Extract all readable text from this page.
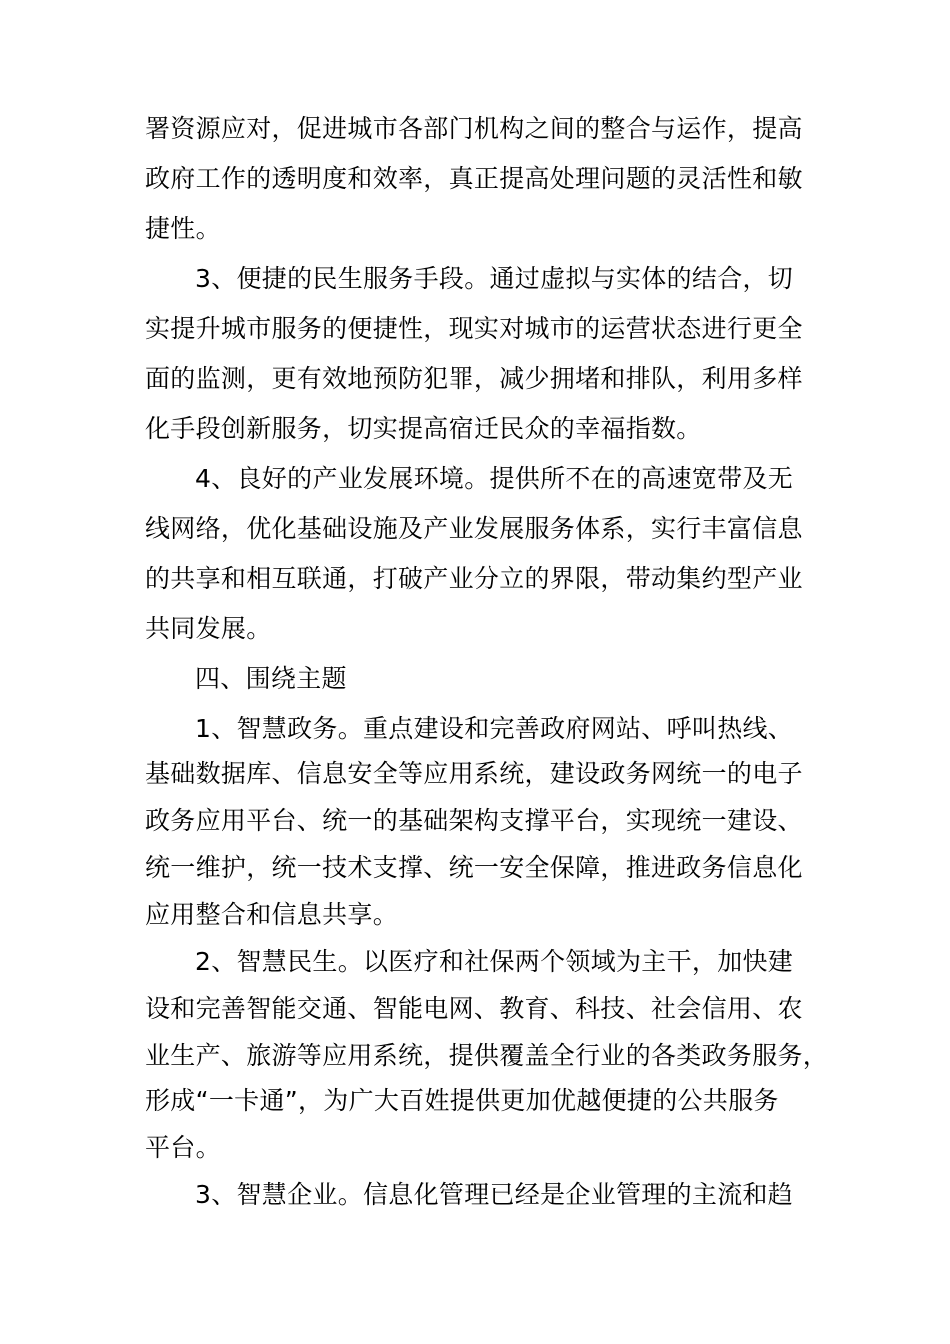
署资源应对，促进城市各部门机构之间的整合与运作，提高
政府工作的透明度和效率，真正提高处理问题的灵活性和敏
捷性。
3、便捷的民生服务手段。通过虚拟与实体的结合，切
实提升城市服务的便捷性，现实对城市的运营状态进行更全
面的监测，更有效地预防犯罪，减少拥堵和排队，利用多样
化手段创新服务，切实提高宿迁民众的幸福指数。
4、良好的产业发展环境。提供所不在的高速宽带及无
线网络，优化基础设施及产业发展服务体系，实行丰富信息
的共享和相互联通，打破产业分立的界限，带动集约型产业
共同发展。
四、围绕主题
1、智慧政务。重点建设和完善政府网站、呼叫热线、
基础数据库、信息安全等应用系统，建设政务网统一的电子
政务应用平台、统一的基础架构支撑平台，实现统一建设、
统一维护，统一技术支撑、统一安全保障，推进政务信息化
应用整合和信息共享。
2、智慧民生。以医疗和社保两个领域为主干，加快建
设和完善智能交通、智能电网、教育、科技、社会信用、农
业生产、旅游等应用系统，提供覆盖全行业的各类政务服务，
形成“一卡通”，为广大百姓提供更加优越便捷的公共服务
平台。
3、智慧企业。信息化管理已经是企业管理的主流和趋
